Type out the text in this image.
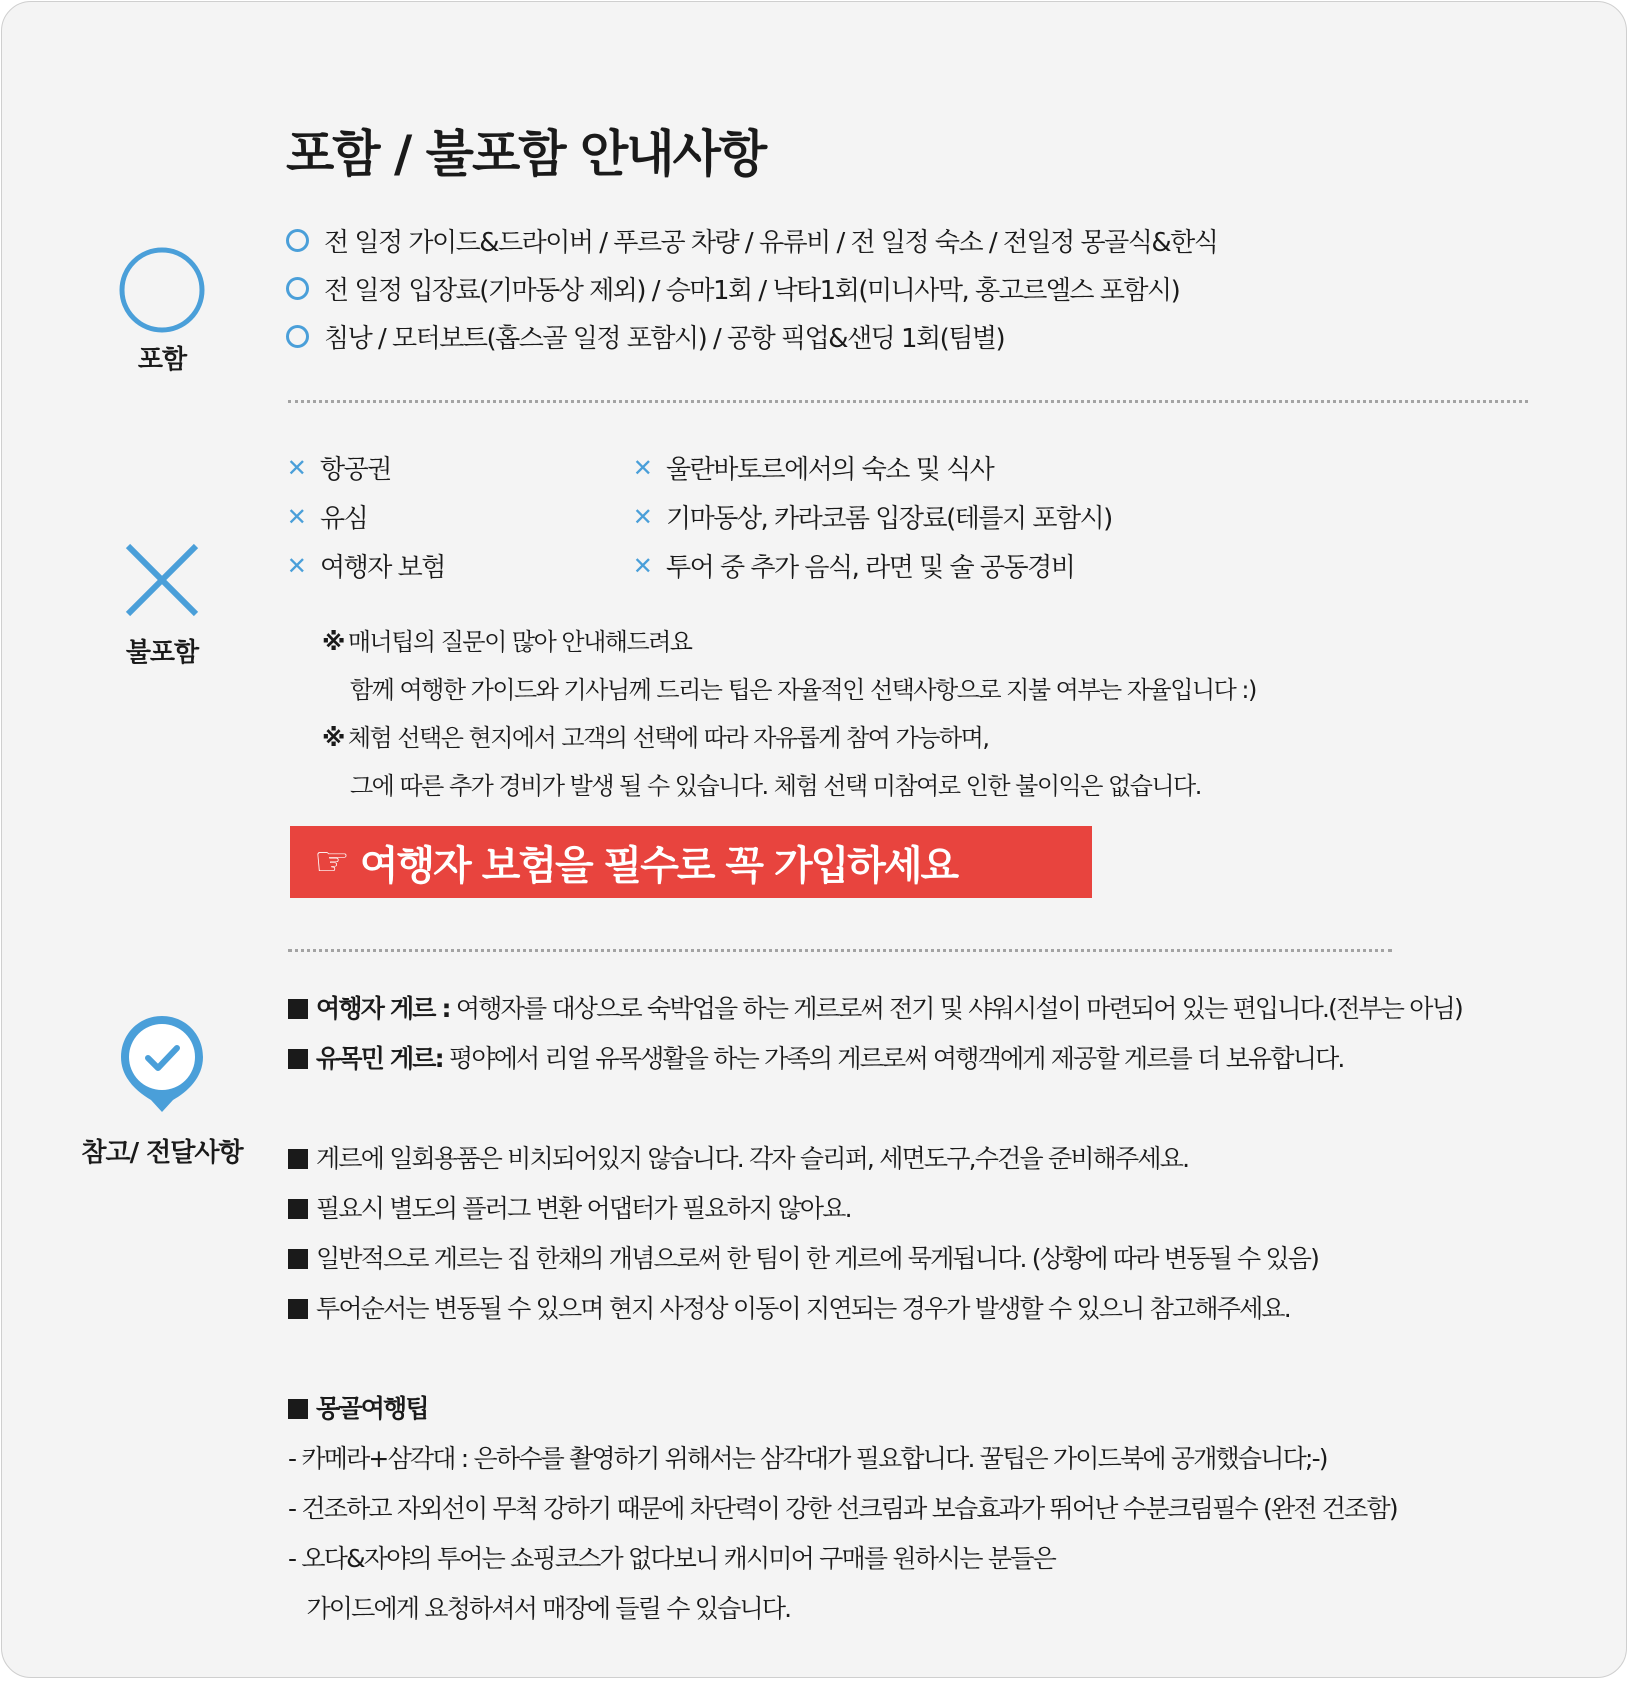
포함 / 불포함 안내사항
포함
전 일정 가이드&드라이버 / 푸르공 차량 / 유류비 / 전 일정 숙소 / 전일정 몽골식&한식
전 일정 입장료(기마동상 제외) / 승마1회 / 낙타1회(미니사막, 홍고르엘스 포함시)
침낭 / 모터보트(홉스골 일정 포함시) / 공항 픽업&샌딩 1회(팀별)
불포함
✕ 항공권
✕ 유심
✕ 여행자 보험
✕ 울란바토르에서의 숙소 및 식사
✕ 기마동상, 카라코롬 입장료(테를지 포함시)
✕ 투어 중 추가 음식, 라면 및 술 공동경비
※ 매너팁의 질문이 많아 안내해드려요
함께 여행한 가이드와 기사님께 드리는 팁은 자율적인 선택사항으로 지불 여부는 자율입니다 :)
※ 체험 선택은 현지에서 고객의 선택에 따라 자유롭게 참여 가능하며,
그에 따른 추가 경비가 발생 될 수 있습니다. 체험 선택 미참여로 인한 불이익은 없습니다.
☞ 여행자 보험을 필수로 꼭 가입하세요
참고/ 전달사항
여행자 게르 : 여행자를 대상으로 숙박업을 하는 게르로써 전기 및 샤워시설이 마련되어 있는 편입니다.(전부는 아님)
유목민 게르: 평야에서 리얼 유목생활을 하는 가족의 게르로써 여행객에게 제공할 게르를 더 보유합니다.
게르에 일회용품은 비치되어있지 않습니다. 각자 슬리퍼, 세면도구,수건을 준비해주세요.
필요시 별도의 플러그 변환 어댑터가 필요하지 않아요.
일반적으로 게르는 집 한채의 개념으로써 한 팀이 한 게르에 묵게됩니다. (상황에 따라 변동될 수 있음)
투어순서는 변동될 수 있으며 현지 사정상 이동이 지연되는 경우가 발생할 수 있으니 참고해주세요.
몽골여행팁
- 카메라+삼각대 : 은하수를 촬영하기 위해서는 삼각대가 필요합니다. 꿀팁은 가이드북에 공개했습니다;-)
- 건조하고 자외선이 무척 강하기 때문에 차단력이 강한 선크림과 보습효과가 뛰어난 수분크림필수 (완전 건조함)
- 오다&자야의 투어는 쇼핑코스가 없다보니 캐시미어 구매를 원하시는 분들은
가이드에게 요청하셔서 매장에 들릴 수 있습니다.
